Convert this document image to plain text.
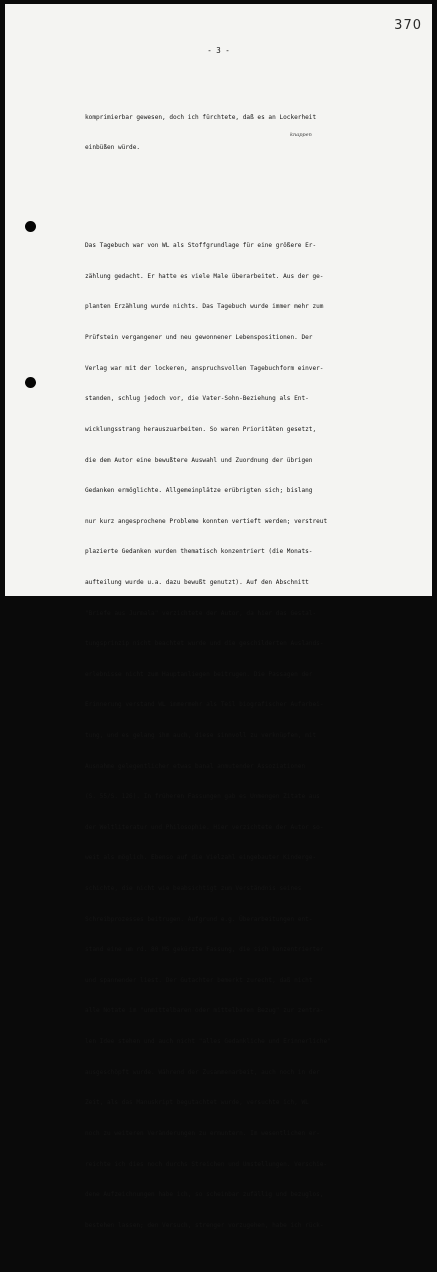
370
- 3 -
knappen

komprimierbar gewesen, doch ich fürchtete, daß es an Lockerheit

einbüßen würde.

Das Tagebuch war von WL als Stoffgrundlage für eine größere Er-

zählung gedacht. Er hatte es viele Male überarbeitet. Aus der ge-

planten Erzählung wurde nichts. Das Tagebuch wurde immer mehr zum

Prüfstein vergangener und neu gewonnener Lebenspositionen. Der

Verlag war mit der lockeren, anspruchsvollen Tagebuchform einver-

standen, schlug jedoch vor, die Vater-Sohn-Beziehung als Ent-

wicklungsstrang herauszuarbeiten. So waren Prioritäten gesetzt,

die dem Autor eine bewußtere Auswahl und Zuordnung der übrigen

Gedanken ermöglichte. Allgemeinplätze erübrigten sich; bislang

nur kurz angesprochene Probleme konnten vertieft werden; verstreut

plazierte Gedanken wurden thematisch konzentriert (die Monats-

aufteilung wurde u.a. dazu bewußt genutzt). Auf den Abschnitt

"Briefe aus Jurmala" verzichtete der Autor, da hier das Gestal-

tungsprinzip nicht beachtet wurde und die geschilderten Auslands-

erlebnisse nicht zum Hauptanliegen beitrugen. Die Passagen der

Erinnerung verstand WL immermehr als Teil biografischer Aufarbei-

tung, und es gelang ihm auch, diese sinnvoll zu verknüpfen, mit

Ausnahme gelegentlicher etwas banal anmutender Assoziationen

(S. 55/S. 126). In früheren Fassungen gab es Unmengen Zitate aus

der Weltliteratur und Philosophie. Hier verzichtete der Autor so-

weit als möglich. Ebenso auf die Vielzahl eingebauter Kinderge-

schichte, die nicht wie beabsichtigt zum Verständnis seines

Schreibprozesses beitrugen. Aufgrund e.g. Überarbeitungen ent-

stand eine um rd. 80 MS gekürzte Fassung, die sich konzentrierter

und spannender liest. Der Gutachter bemerkt zurecht, daß nicht

alle Notate im "unmittelbaren oder mittelbaren Bezug" zur zentra-

len Idee stehen und auch nicht "alles Gedankliche und Erinnerliche"

ausgeschöpft wurde. Während der Zusammenarbeit, auch noch in der

Zeit, als das Manuskript begutachtet wurde, versuchte ich, WL

noch zu weiteren Veränderungen zu ermuntern. Im wesentlichen er-

reichte ich dies noch durchs Streichen und Umstellungen. Verschie-

dene Aufzeichnungen habe ich, so scheinbar zufällig und bezuglos,

bestehen lassen; den Versuch, strenger vorzugehen, habe ich rück-
